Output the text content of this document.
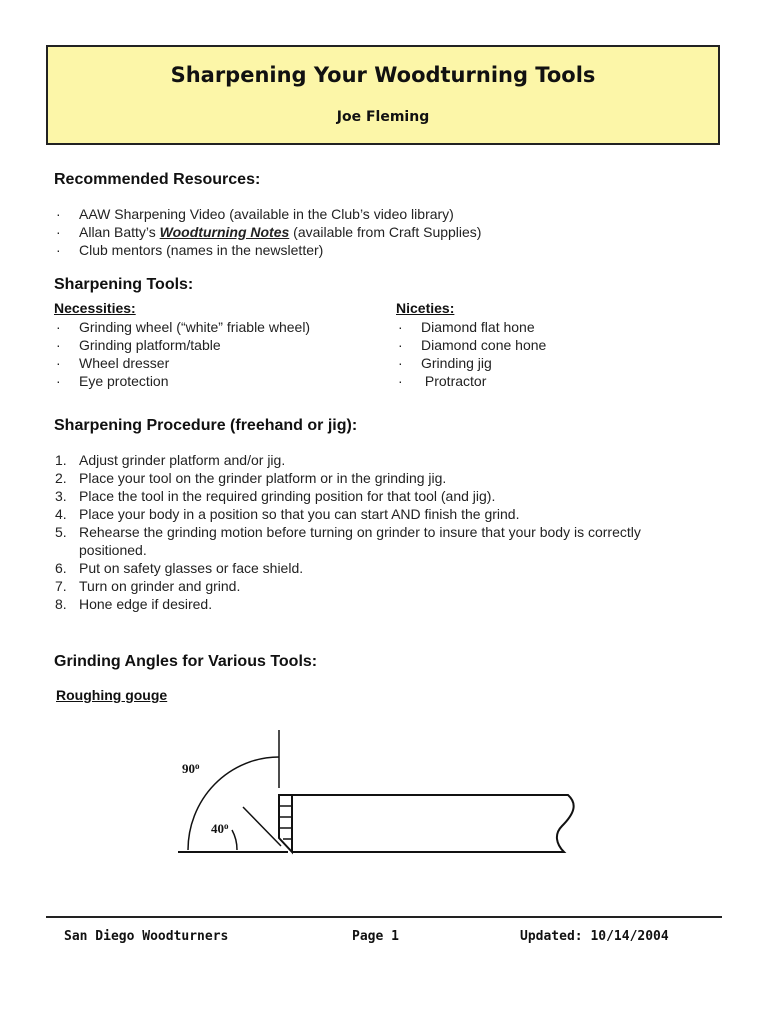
Sharpening Your Woodturning Tools
Joe Fleming
Recommended Resources:
· AAW Sharpening Video (available in the Club’s video library)
· Allan Batty’s Woodturning Notes (available from Craft Supplies)
· Club mentors (names in the newsletter)
Sharpening Tools:
Necessities:
· Grinding wheel (“white” friable wheel)
· Grinding platform/table
· Wheel dresser
· Eye protection
Niceties:
· Diamond flat hone
· Diamond cone hone
· Grinding jig
· Protractor
Sharpening Procedure (freehand or jig):
1. Adjust grinder platform and/or jig.
2. Place your tool on the grinder platform or in the grinding jig.
3. Place the tool in the required grinding position for that tool (and jig).
4. Place your body in a position so that you can start AND finish the grind.
5. Rehearse the grinding motion before turning on grinder to insure that your body is correctly
positioned.
6. Put on safety glasses or face shield.
7. Turn on grinder and grind.
8. Hone edge if desired.
Grinding Angles for Various Tools:
Roughing gouge
90$^o$
40$^o$
San Diego Woodturners	Page 1	Updated: 10/14/2004
